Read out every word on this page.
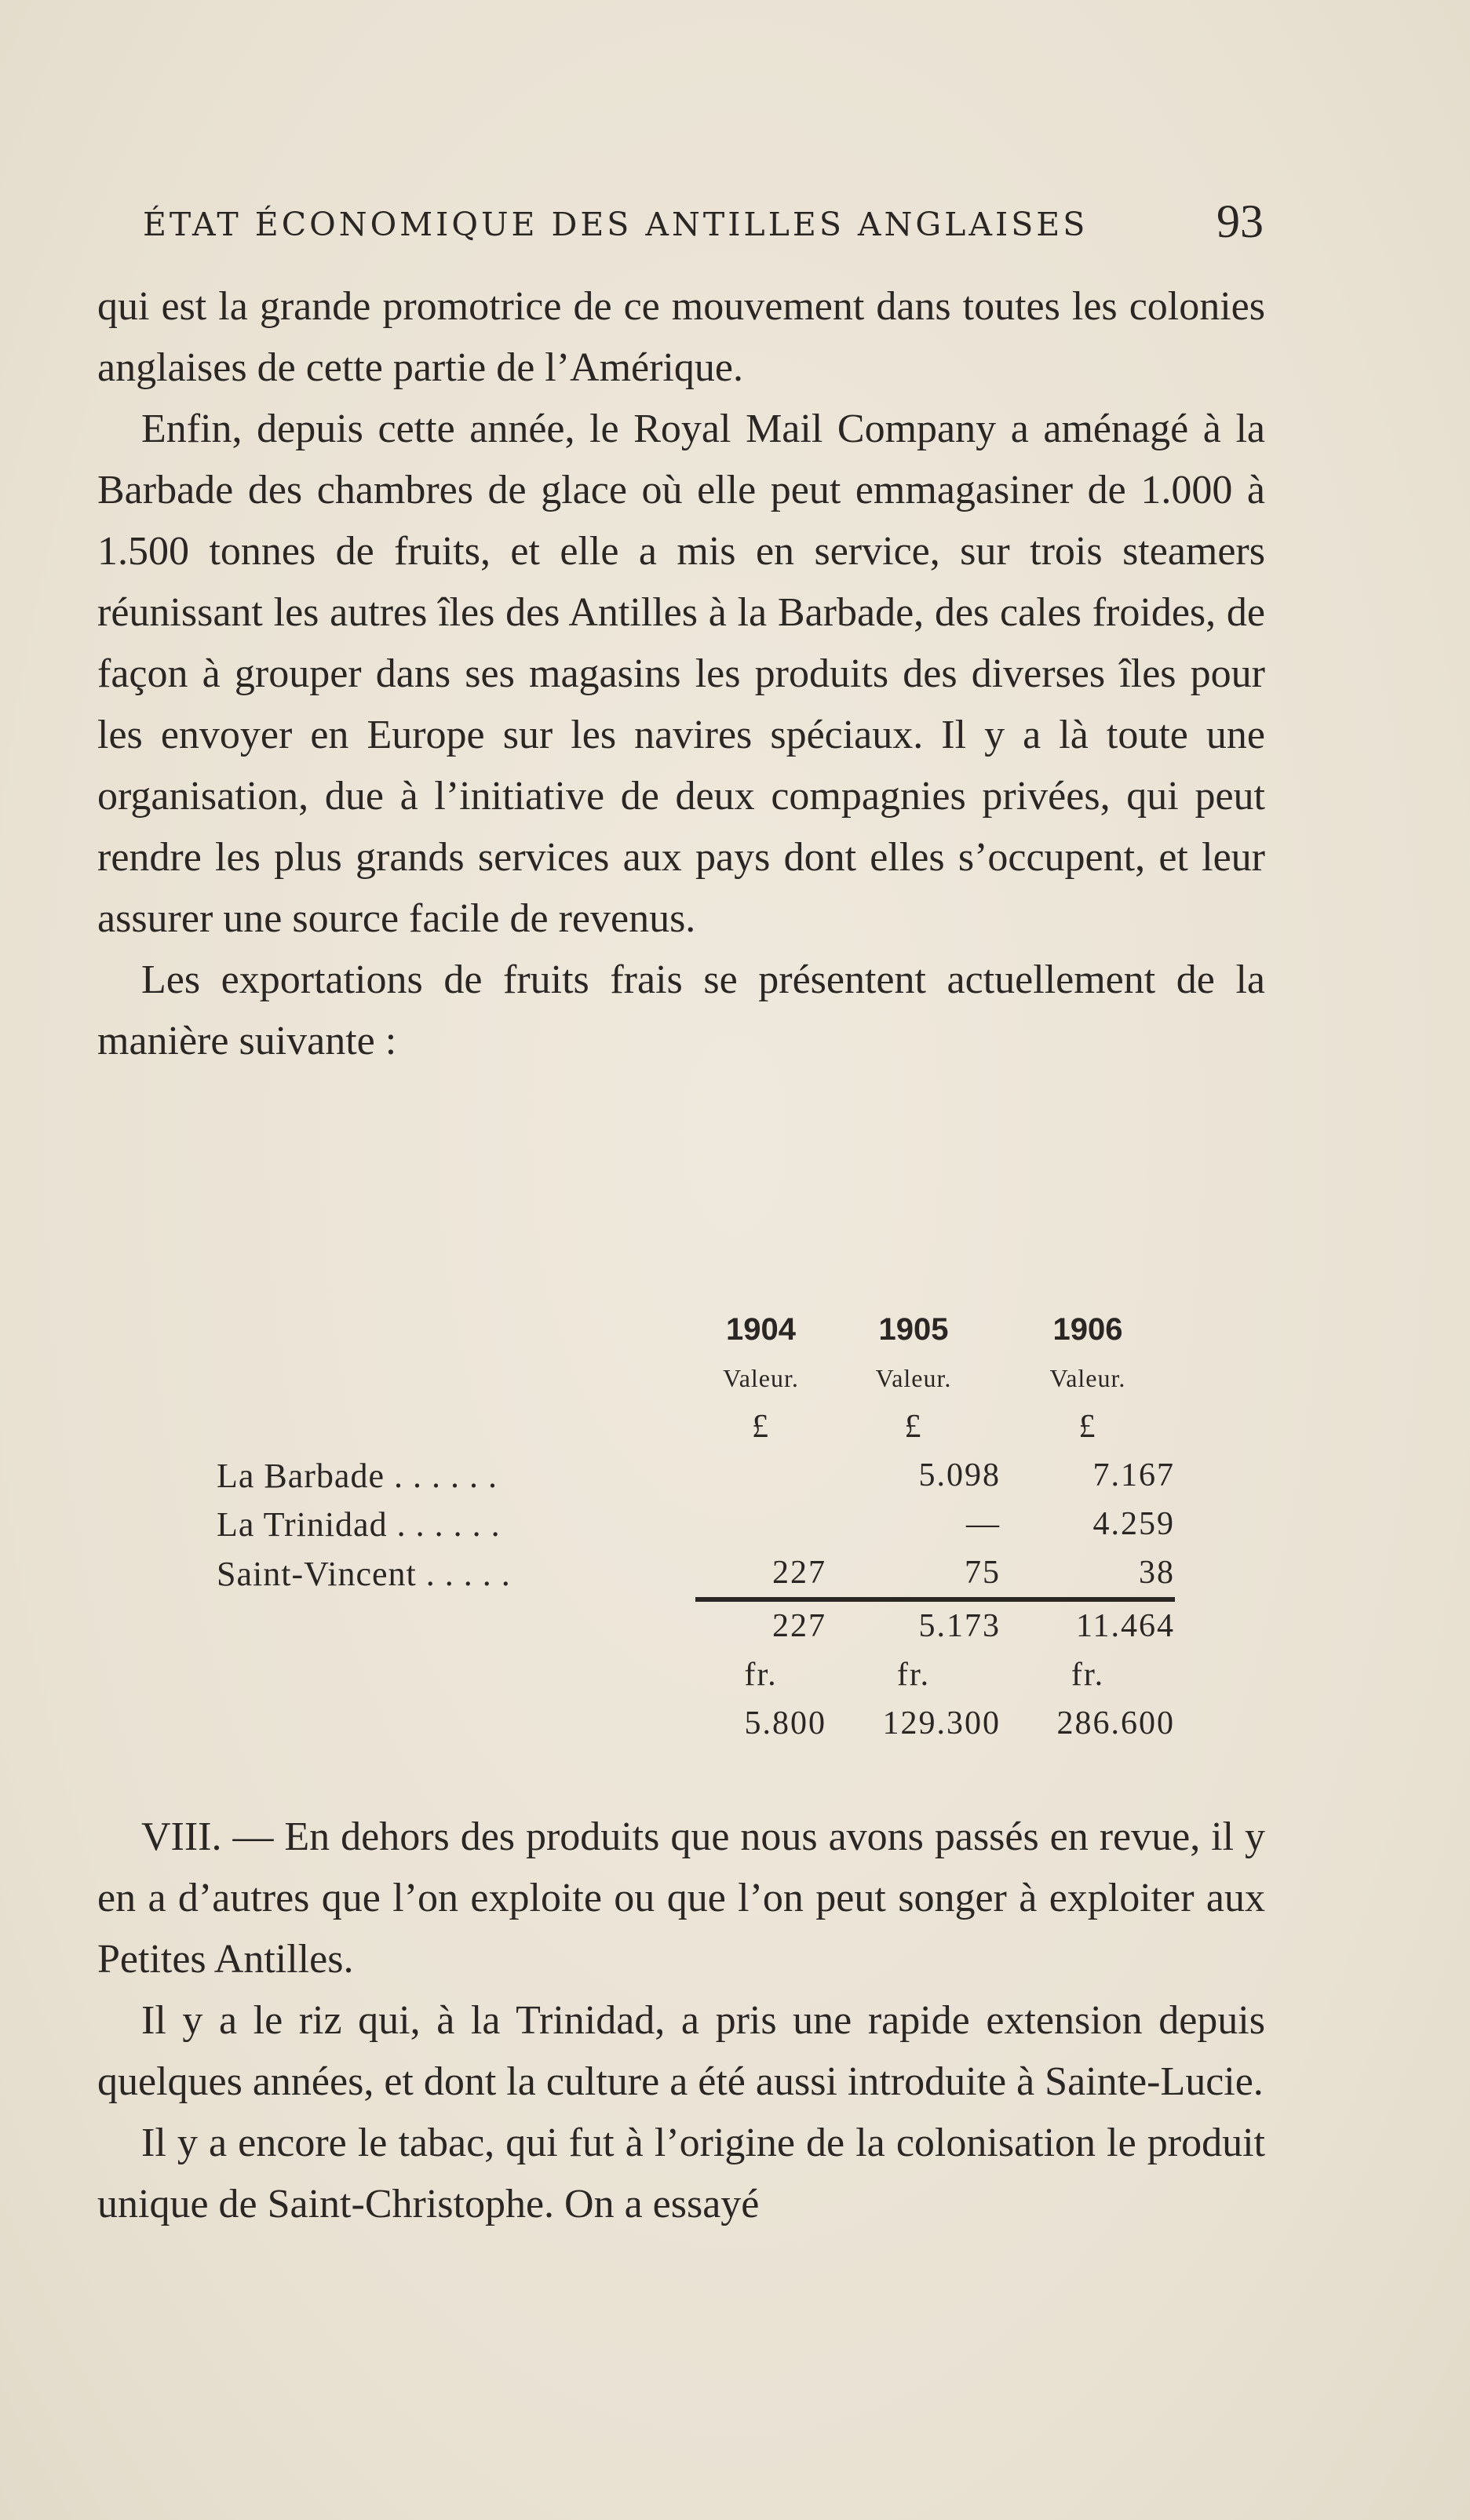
ÉTAT ÉCONOMIQUE DES ANTILLES ANGLAISES	93

qui est la grande promotrice de ce mouvement dans toutes les colonies anglaises de cette partie de l’Amérique.

Enfin, depuis cette année, le Royal Mail Company a aménagé à la Barbade des chambres de glace où elle peut emmagasiner de 1.000 à 1.500 tonnes de fruits, et elle a mis en service, sur trois steamers réunissant les autres îles des Antilles à la Barbade, des cales froides, de façon à grouper dans ses magasins les produits des diverses îles pour les envoyer en Europe sur les navires spéciaux. Il y a là toute une organisation, due à l’initiative de deux compagnies privées, qui peut rendre les plus grands services aux pays dont elles s’occupent, et leur assurer une source facile de revenus.

Les exportations de fruits frais se présentent actuellement de la manière suivante :

	1904	1905	1906
	Valeur.	Valeur.	Valeur.
	£	£	£
La Barbade . . . . . .		5.098	7.167
La Trinidad . . . . . .		—	4.259
Saint-Vincent . . . . .	227	75	38
	227	5.173	11.464
	fr.	fr.	fr.
	5.800	129.300	286.600

VIII. — En dehors des produits que nous avons passés en revue, il y en a d’autres que l’on exploite ou que l’on peut songer à exploiter aux Petites Antilles.

Il y a le riz qui, à la Trinidad, a pris une rapide extension depuis quelques années, et dont la culture a été aussi introduite à Sainte-Lucie.

Il y a encore le tabac, qui fut à l’origine de la colonisation le produit unique de Saint-Christophe. On a essayé
